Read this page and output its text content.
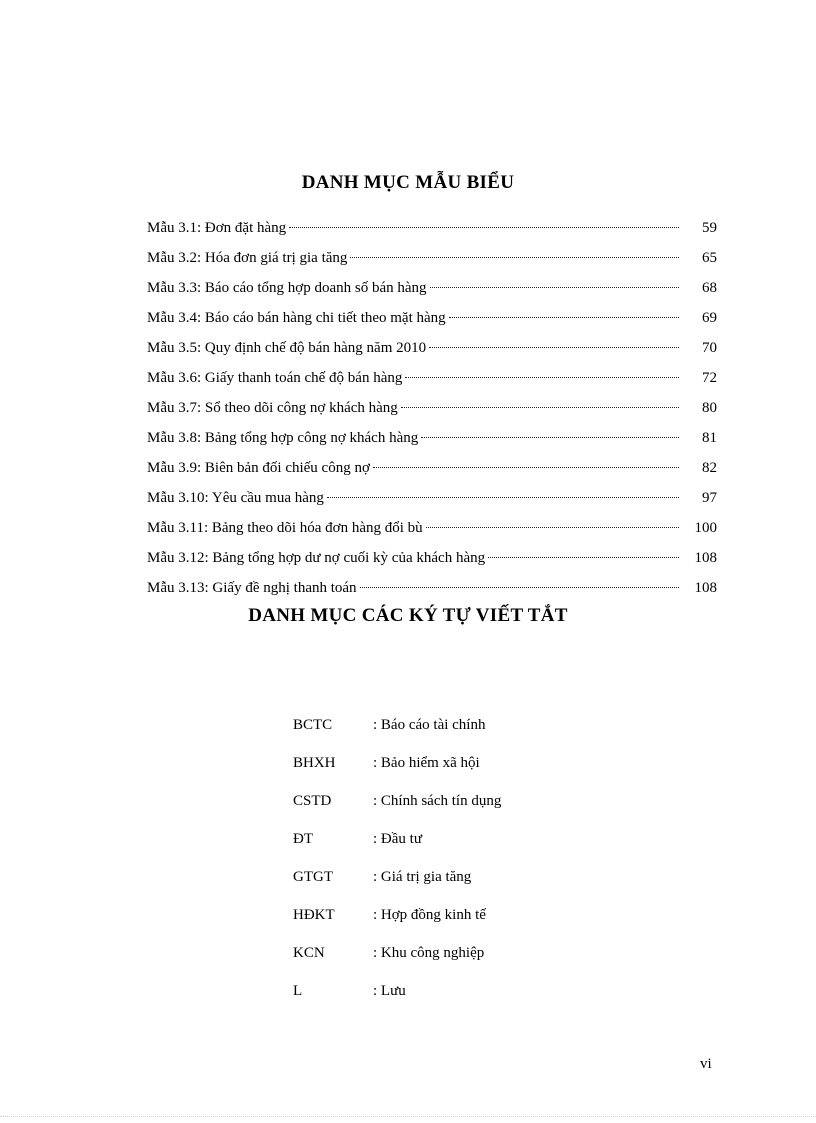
DANH MỤC MẪU BIỂU
Mẫu 3.1: Đơn đặt hàng	59
Mẫu 3.2: Hóa đơn giá trị gia tăng	65
Mẫu 3.3: Báo cáo tổng hợp doanh số bán hàng	68
Mẫu 3.4: Báo cáo bán hàng chi tiết theo mặt hàng	69
Mẫu 3.5: Quy định chế độ bán hàng năm 2010	70
Mẫu 3.6: Giấy thanh toán chế độ bán hàng	72
Mẫu 3.7: Sổ theo dõi công nợ khách hàng	80
Mẫu 3.8: Bảng tổng hợp công nợ khách hàng	81
Mẫu 3.9: Biên bản đối chiếu công nợ	82
Mẫu 3.10: Yêu cầu mua hàng	97
Mẫu 3.11: Bảng theo dõi hóa đơn hàng đổi bù	100
Mẫu 3.12: Bảng tổng hợp dư nợ cuối kỳ của khách hàng	108
Mẫu 3.13: Giấy đề nghị thanh toán	108
DANH MỤC CÁC KÝ TỰ VIẾT TẮT
BCTC	: Báo cáo tài chính
BHXH	: Bảo hiểm xã hội
CSTD	: Chính sách tín dụng
ĐT	: Đầu tư
GTGT	: Giá trị gia tăng
HĐKT	: Hợp đồng kinh tế
KCN	: Khu công nghiệp
L	: Lưu
vi
